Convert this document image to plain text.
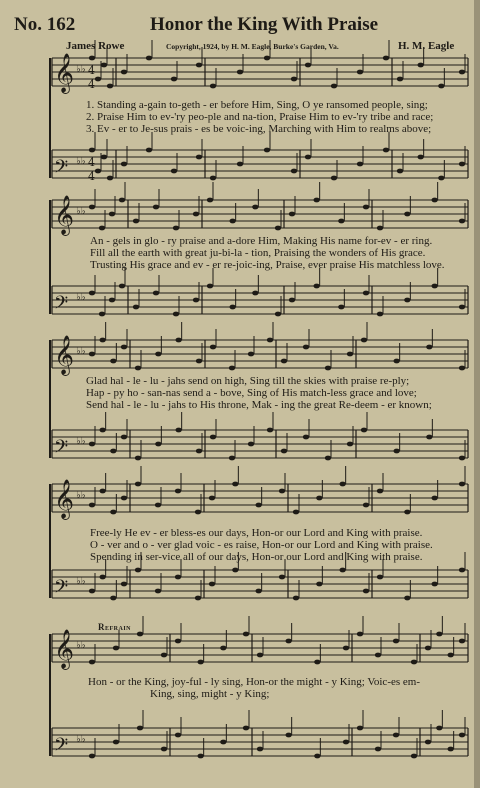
No. 162	Honor the King With Praise
James Rowe	Copyright, 1924, by H. M. Eagle, Burke's Garden, Va.	H. M. Eagle
𝄞 ♭♭
𝄢 ♭♭
𝄞 ♭♭
𝄢 ♭♭
𝄞 ♭♭
𝄢 ♭♭
𝄞 ♭♭
𝄢 ♭♭
𝄞 ♭♭
𝄢 ♭♭
4
4
4
4
1. Standing a-gain to-geth - er before Him, Sing, O ye ransomed people, sing;
2. Praise Him to ev-'ry peo-ple and na-tion, Praise Him to ev-'ry tribe and race;
3. Ev - er to Je-sus prais - es be voic-ing, Marching with Him to realms above;
An - gels in glo - ry praise and a-dore Him, Making His name for-ev - er ring.
Fill all the earth with great ju-bi-la - tion, Praising the wonders of His grace.
Trusting His grace and ev - er re-joic-ing, Praise, ever praise His matchless love.
Glad hal - le - lu - jahs send on high, Sing till the skies with praise re-ply;
Hap - py ho - san-nas send a - bove, Sing of His match-less grace and love;
Send hal - le - lu - jahs to His throne, Mak - ing the great Re-deem - er known;
Free-ly He ev - er bless-es our days, Hon-or our Lord and King with praise.
O - ver and o - ver glad voic - es raise, Hon-or our Lord and King with praise.
Spending in ser-vice all of our days, Hon-or our Lord and King with praise.
Refrain
Hon - or the King, joy-ful - ly sing, Hon-or the might - y King; Voic-es em-
King, sing, might - y King;
